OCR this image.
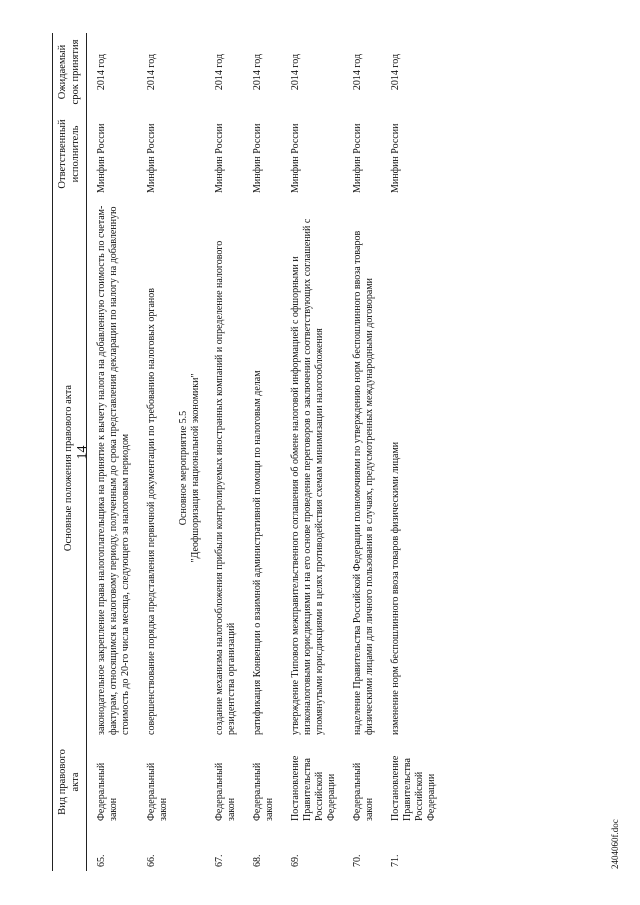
14
	Вид правового акта	Основные положения правового акта	Ответственный исполнитель	Ожидаемый срок принятия
65.	Федеральный закон	законодательное закрепление права налогоплательщика на принятие к вычету налога на добавленную стоимость по счетам-фактурам, относящимся к налоговому периоду, полученным до срока представления декларации по налогу на добавленную стоимость до 20-го числа месяца, следующего за налоговым периодом	Минфин России	2014 год
66.	Федеральный закон	совершенствование порядка представления первичной документации по требованию налоговых органов	Минфин России	2014 год

		Основное мероприятие 5.5 "Деофшоризация национальной экономики"		

67.	Федеральный закон	создание механизма налогообложения прибыли контролируемых иностранных компаний и определение налогового резидентства организаций	Минфин России	2014 год
68.	Федеральный закон	ратификация Конвенции о взаимной административной помощи по налоговым делам	Минфин России	2014 год
69.	Постановление Правительства Российской Федерации	утверждение Типового межправительственного соглашения об обмене налоговой информацией с офшорными и низконалоговыми юрисдикциями и на его основе проведение переговоров о заключении соответствующих соглашений с упомянутыми юрисдикциями в целях противодействия схемам минимизации налогообложения	Минфин России	2014 год
70.	Федеральный закон	наделение Правительства Российской Федерации полномочиями по утверждению норм беспошлинного ввоза товаров физическими лицами для личного пользования в случаях, предусмотренных международными договорами	Минфин России	2014 год
71.	Постановление Правительства Российской Федерации	изменение норм беспошлинного ввоза товаров физическими лицами	Минфин России	2014 год
2404060f.doc
